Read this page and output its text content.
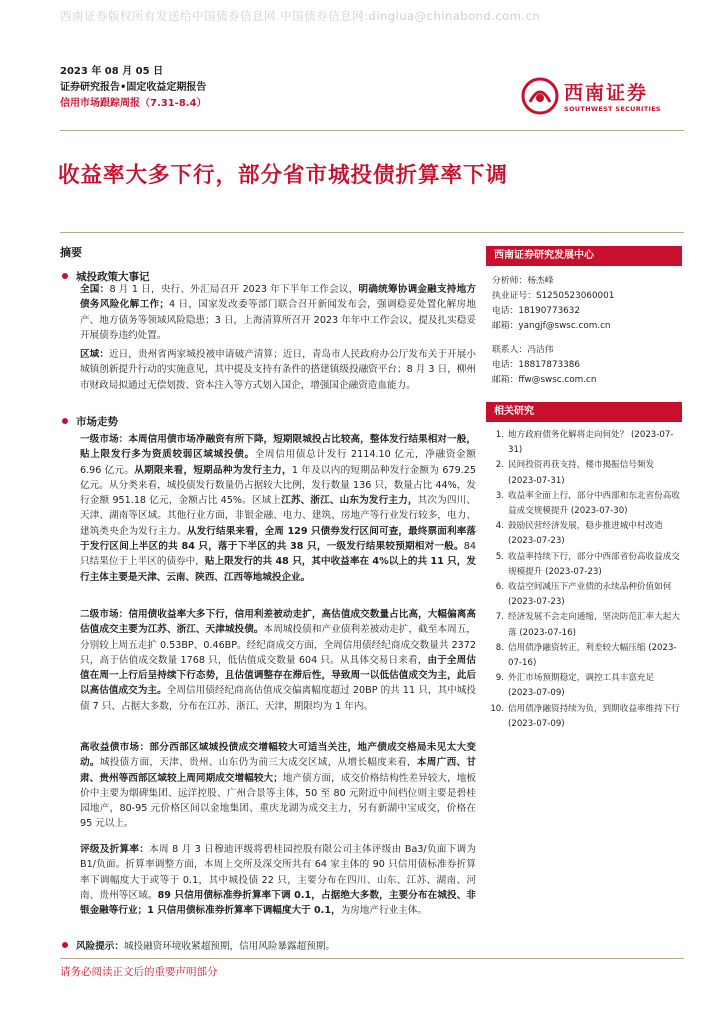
西南证券版权所有发送给中国债券信息网.中国债券信息网:dinglua@chinabond.com.cn
2023 年 08 月 05 日
证券研究报告•固定收益定期报告
信用市场跟踪周报（7.31-8.4）	西南证券
SOUTHWEST SECURITIES
收益率大多下行，部分省市城投债折算率下调
摘要
城投政策大事记
全国：8 月 1 日，央行、外汇局召开 2023 年下半年工作会议，明确统筹协调金融支持地方债务风险化解工作；4 日，国家发改委等部门联合召开新闻发布会，强调稳妥处置化解房地产、地方债务等领域风险隐患；3 日，上海清算所召开 2023 年年中工作会议，提及扎实稳妥开展债券违约处置。
区域：近日，贵州省两家城投被申请破产清算；近日，青岛市人民政府办公厅发布关于开展小城镇创新提升行动的实施意见，其中提及支持有条件的搭建镇级投融资平台；8 月 3 日，柳州市财政局拟通过无偿划拨、资本注入等方式划入国企，增强国企融资造血能力。
市场走势
一级市场：本周信用债市场净融资有所下降，短期限城投占比较高，整体发行结果相对一般，贴上限发行多为资质较弱区域城投债。全周信用债总计发行 2114.10 亿元，净融资金额 6.96 亿元。从期限来看，短期品种为发行主力，1 年及以内的短期品种发行金额为 679.25 亿元。从分类来看，城投债发行数量仍占据较大比例，发行数量 136 只，数量占比 44%，发行金额 951.18 亿元，金额占比 45%。区域上江苏、浙江、山东为发行主力，其次为四川、天津、湖南等区域。其他行业方面，非银金融、电力、建筑、房地产等行业发行较多，电力、建筑类央企为发行主力。从发行结果来看，全周 129 只债券发行区间可查，最终票面利率落于发行区间上半区的共 84 只，落于下半区的共 38 只，一级发行结果较预期相对一般。84 只结果位于上半区的债券中，贴上限发行的共 48 只，其中收益率在 4%以上的共 11 只，发行主体主要是天津、云南、陕西、江西等地城投企业。
二级市场：信用债收益率大多下行，信用利差被动走扩，高估值成交数量占比高，大幅偏离高估值成交主要为江苏、浙江、天津城投债。本周城投债和产业债利差被动走扩，截至本周五，分别较上周五走扩 0.53BP、0.46BP。经纪商成交方面，全周信用债经纪商成交数量共 2372 只，高于估值成交数量 1768 只，低估值成交数量 604 只。从具体交易日来看，由于全周估值在周一上行后呈持续下行态势，且估值调整存在滞后性，导致周一以低估值成交为主，此后以高估值成交为主。全周信用债经纪商高估值成交偏离幅度超过 20BP 的共 11 只，其中城投债 7 只、占据大多数，分布在江苏、浙江、天津，期限均为 1 年内。
高收益债市场：部分西部区域城投债成交增幅较大可适当关注，地产债成交格局未见太大变动。城投债方面，天津、贵州、山东仍为前三大成交区域，从增长幅度来看，本周广西、甘肃、贵州等西部区域较上周同期成交增幅较大；地产债方面，成交价格结构性差异较大，地板价中主要为烟碑集团、远洋控股、广州合景等主体，50 至 80 元附近中间档位则主要是碧桂园地产，80-95 元价格区间以金地集团、重庆龙湖为成交主力，另有新湖中宝成交，价格在 95 元以上。
评级及折算率：本周 8 月 3 日穆迪评级将碧桂园控股有限公司主体评级由 Ba3/负面下调为 B1/负面。折算率调整方面，本周上交所及深交所共有 64 家主体的 90 只信用债标准券折算率下调幅度大于或等于 0.1，其中城投债 22 只，主要分布在四川、山东、江苏、湖南、河南、贵州等区域。89 只信用债标准券折算率下调 0.1，占据绝大多数，主要分布在城投、非银金融等行业；1 只信用债标准券折算率下调幅度大于 0.1，为房地产行业主体。
风险提示：城投融资环境收紧超预期，信用风险暴露超预期。
西南证券研究发展中心
分析师：杨杰峰
执业证号：S1250523060001
电话：18190773632
邮箱：yangjf@swsc.com.cn
联系人：冯洁伟
电话：18817873386
邮箱：ffw@swsc.com.cn
相关研究
1. 地方政府债务化解将走向何处？ (2023-07-31)
2. 民间投资再获支持，楼市揭振信号频发 (2023-07-31)
3. 收益率全面上行，部分中西部和东北省份高收益成交规模提升 (2023-07-30)
4. 鼓励民营经济发展，稳步推进城中村改造 (2023-07-23)
5. 收益率持续下行，部分中西部省份高收益成交规模提升 (2023-07-23)
6. 收益空间减压下产业债的永续品种价值如何 (2023-07-23)
7. 经济发展不会走向通缩，坚决防范汇率大起大落 (2023-07-16)
8. 信用债净融资转正，利差较大幅压缩 (2023-07-16)
9. 外汇市场预期稳定，调控工具丰富充足 (2023-07-09)
10. 信用债净融资持续为负，到期收益率维持下行 (2023-07-09)
请务必阅读正文后的重要声明部分
